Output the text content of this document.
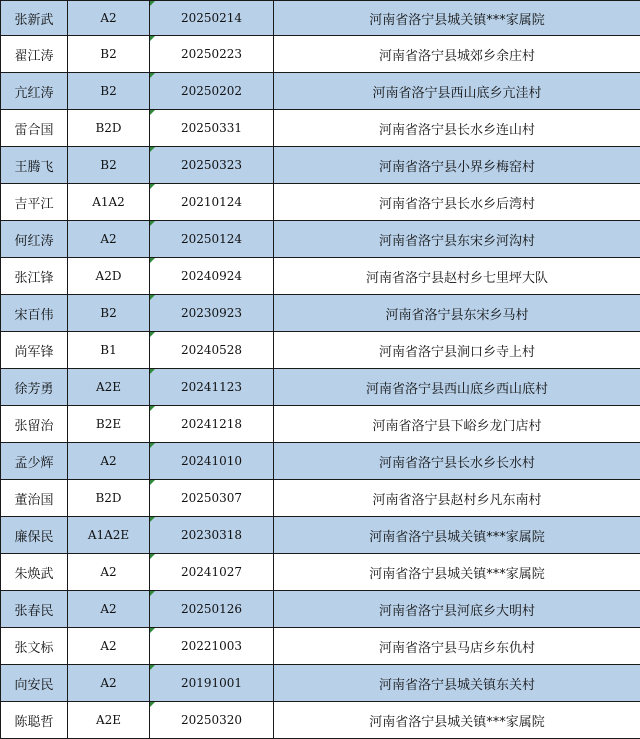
张新武	A2	20250214	河南省洛宁县城关镇***家属院
翟江涛	B2	20250223	河南省洛宁县城郊乡余庄村
亢红涛	B2	20250202	河南省洛宁县西山底乡亢洼村
雷合国	B2D	20250331	河南省洛宁县长水乡连山村
王腾飞	B2	20250323	河南省洛宁县小界乡梅窑村
吉平江	A1A2	20210124	河南省洛宁县长水乡后湾村
何红涛	A2	20250124	河南省洛宁县东宋乡河沟村
张江锋	A2D	20240924	河南省洛宁县赵村乡七里坪大队
宋百伟	B2	20230923	河南省洛宁县东宋乡马村
尚军锋	B1	20240528	河南省洛宁县涧口乡寺上村
徐芳勇	A2E	20241123	河南省洛宁县西山底乡西山底村
张留治	B2E	20241218	河南省洛宁县下峪乡龙门店村
孟少辉	A2	20241010	河南省洛宁县长水乡长水村
董治国	B2D	20250307	河南省洛宁县赵村乡凡东南村
廉保民	A1A2E	20230318	河南省洛宁县城关镇***家属院
朱焕武	A2	20241027	河南省洛宁县城关镇***家属院
张春民	A2	20250126	河南省洛宁县河底乡大明村
张文标	A2	20221003	河南省洛宁县马店乡东仇村
向安民	A2	20191001	河南省洛宁县城关镇东关村
陈聪哲	A2E	20250320	河南省洛宁县城关镇***家属院
